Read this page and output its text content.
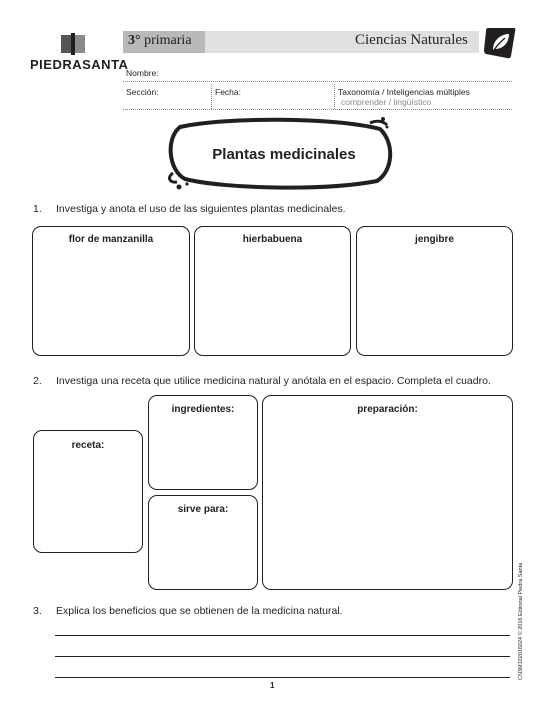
PIEDRASANTA
3° primaria	Ciencias Naturales
Nombre:
Sección:	Fecha:	Taxonomía / Inteligencias múltiples
comprender / lingüístico
Plantas medicinales
1. Investiga y anota el uso de las siguientes plantas medicinales.
flor de manzanilla	hierbabuena	jengibre
2. Investiga una receta que utilice medicina natural y anótala en el espacio. Completa el cuadro.
receta:
ingredientes:
sirve para:
preparación:
3. Explica los beneficios que se obtienen de la medicina natural.
1
CN3M102016024 © 2016 Editorial Piedra Santa
